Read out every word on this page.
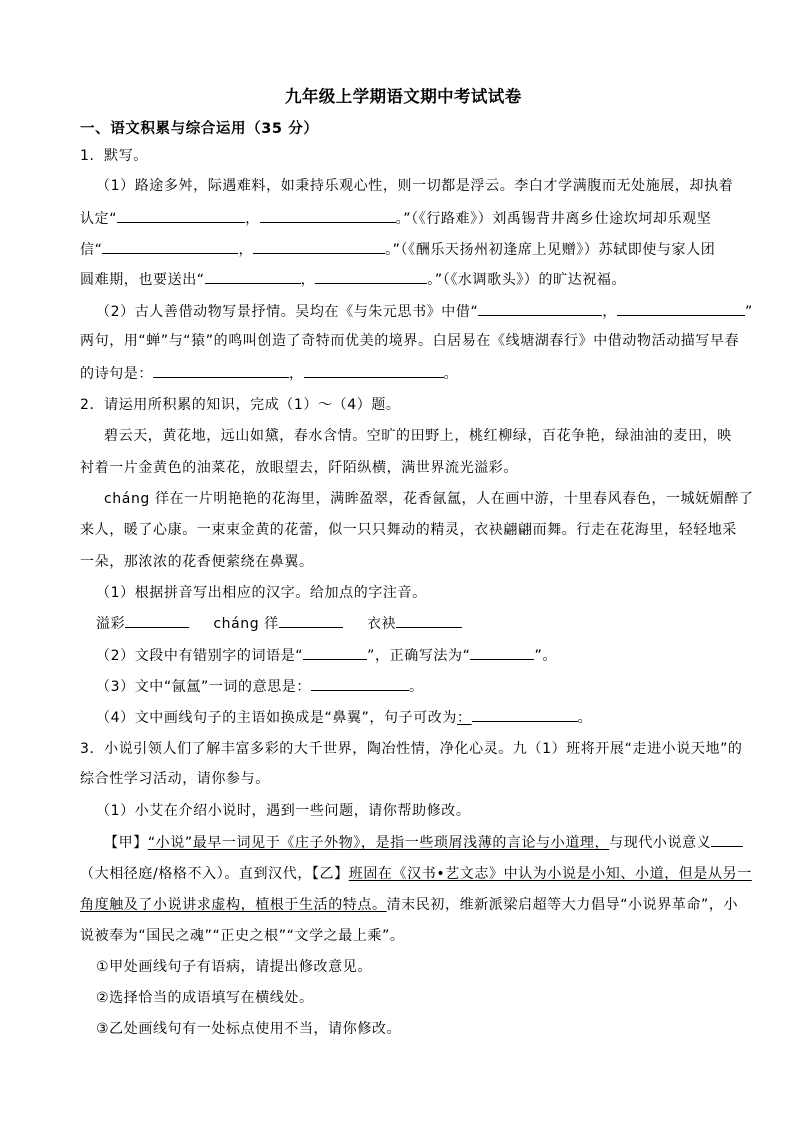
九年级上学期语文期中考试试卷
一、语文积累与综合运用（35 分）
1．默写。
（1）路途多舛，际遇难料，如秉持乐观心性，则一切都是浮云。李白才学满腹而无处施展，却执着
认定“	，	。”（《行路难》）刘禹锡背井离乡仕途坎坷却乐观坚
信“	，	。”（《酬乐天扬州初逢席上见赠》）苏轼即使与家人团
圆难期，也要送出“	，	。”（《水调歌头》）的旷达祝福。
（2）古人善借动物写景抒情。吴均在《与朱元思书》中借“	，	”
两句，用“蝉”与“猿”的鸣叫创造了奇特而优美的境界。白居易在《线塘湖春行》中借动物活动描写早春
的诗句是：	，	。
2．请运用所积累的知识，完成（1）～（4）题。
碧云天，黄花地，远山如黛，春水含情。空旷的田野上，桃红柳绿，百花争艳，绿油油的麦田，映
衬着一片金黄色的油菜花，放眼望去，阡陌纵横，满世界流光溢彩。
cháng 徉在一片明艳艳的花海里，满眸盈翠，花香氤氲，人在画中游，十里春风春色，一城妩媚醉了
来人，暖了心康。一束束金黄的花蕾，似一只只舞动的精灵，衣袂翩翩而舞。行走在花海里，轻轻地采
一朵，那浓浓的花香便萦绕在鼻翼。
（1）根据拼音写出相应的汉字。给加点的字注音。
溢彩	cháng 徉	衣袂
（2）文段中有错别字的词语是“	”，正确写法为“	”。
（3）文中“氤氲”一词的意思是：	。
（4）文中画线句子的主语如换成是“鼻翼”，句子可改为：	。
3．小说引领人们了解丰富多彩的大千世界，陶冶性情，净化心灵。九（1）班将开展“走进小说天地”的
综合性学习活动，请你参与。
（1）小艾在介绍小说时，遇到一些问题，请你帮助修改。
【甲】“小说”最早一词见于《庄子外物》，是指一些琐屑浅薄的言论与小道理，与现代小说意义
（大相径庭/格格不入）。直到汉代，【乙】班固在《汉书•艺文志》中认为小说是小知、小道，但是从另一
角度触及了小说讲求虚构，植根于生活的特点。清末民初，维新派梁启超等大力倡导“小说界革命”，小
说被奉为“国民之魂”“正史之根”“文学之最上乘”。
①甲处画线句子有语病，请提出修改意见。
②选择恰当的成语填写在横线处。
③乙处画线句有一处标点使用不当，请你修改。
